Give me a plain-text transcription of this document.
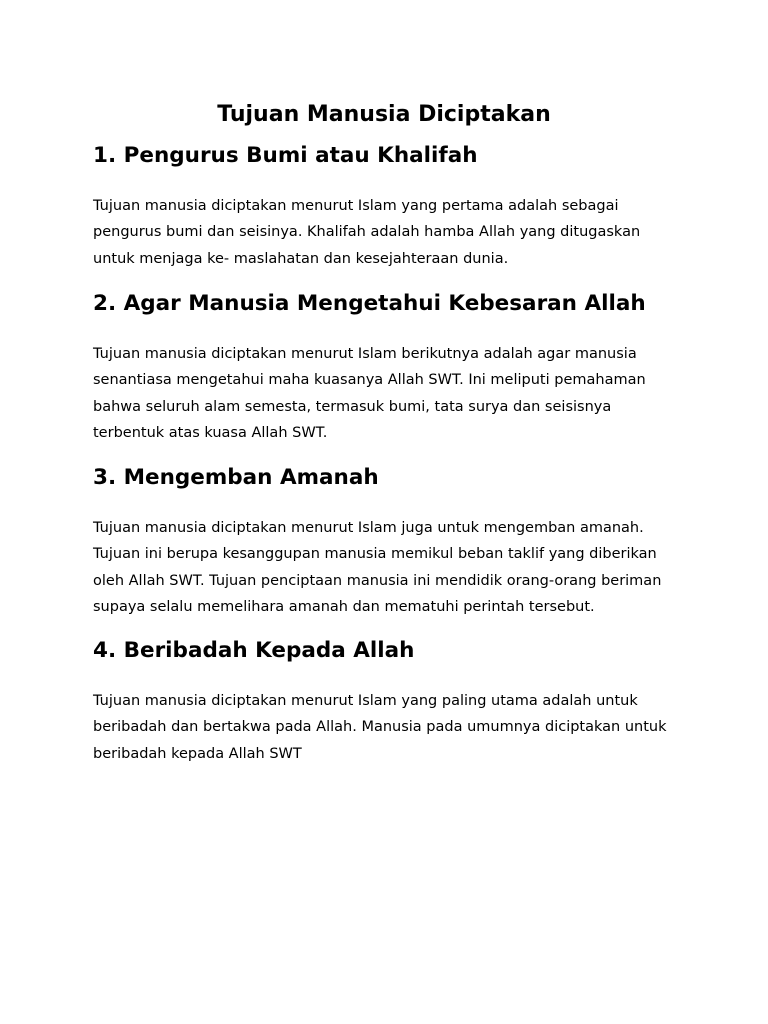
Tujuan Manusia Diciptakan
1. Pengurus Bumi atau Khalifah

Tujuan manusia diciptakan menurut Islam yang pertama adalah sebagai
pengurus bumi dan seisinya. Khalifah adalah hamba Allah yang ditugaskan
untuk menjaga ke- maslahatan dan kesejahteraan dunia.

2. Agar Manusia Mengetahui Kebesaran Allah

Tujuan manusia diciptakan menurut Islam berikutnya adalah agar manusia
senantiasa mengetahui maha kuasanya Allah SWT. Ini meliputi pemahaman
bahwa seluruh alam semesta, termasuk bumi, tata surya dan seisisnya
terbentuk atas kuasa Allah SWT.

3. Mengemban Amanah

Tujuan manusia diciptakan menurut Islam juga untuk mengemban amanah.
Tujuan ini berupa kesanggupan manusia memikul beban taklif yang diberikan
oleh Allah SWT. Tujuan penciptaan manusia ini mendidik orang-orang beriman
supaya selalu memelihara amanah dan mematuhi perintah tersebut.

4. Beribadah Kepada Allah

Tujuan manusia diciptakan menurut Islam yang paling utama adalah untuk
beribadah dan bertakwa pada Allah. Manusia pada umumnya diciptakan untuk
beribadah kepada Allah SWT
